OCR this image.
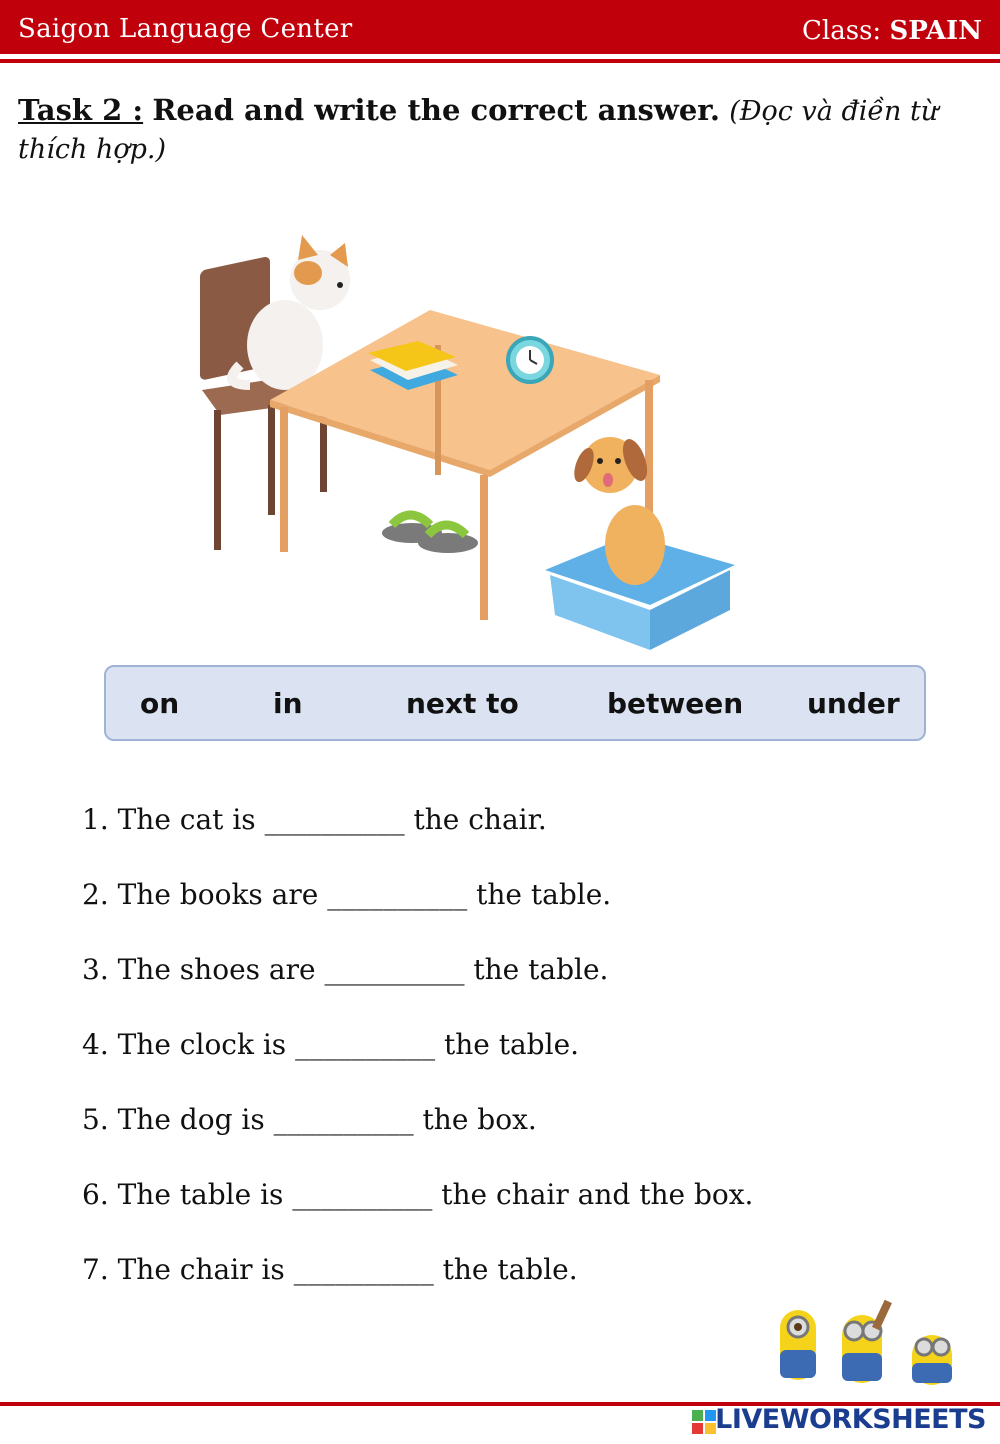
Saigon Language Center	Class: SPAIN
Task 2 : Read and write the correct answer. (Đọc và điền từ thích hợp.)
on	in	next to	between under
1. The cat is __________ the chair.
2. The books are __________ the table.
3. The shoes are __________ the table.
4. The clock is __________ the table.
5. The dog is __________ the box.
6. The table is __________ the chair and the box.
7. The chair is __________ the table.
LIVEWORKSHEETS
